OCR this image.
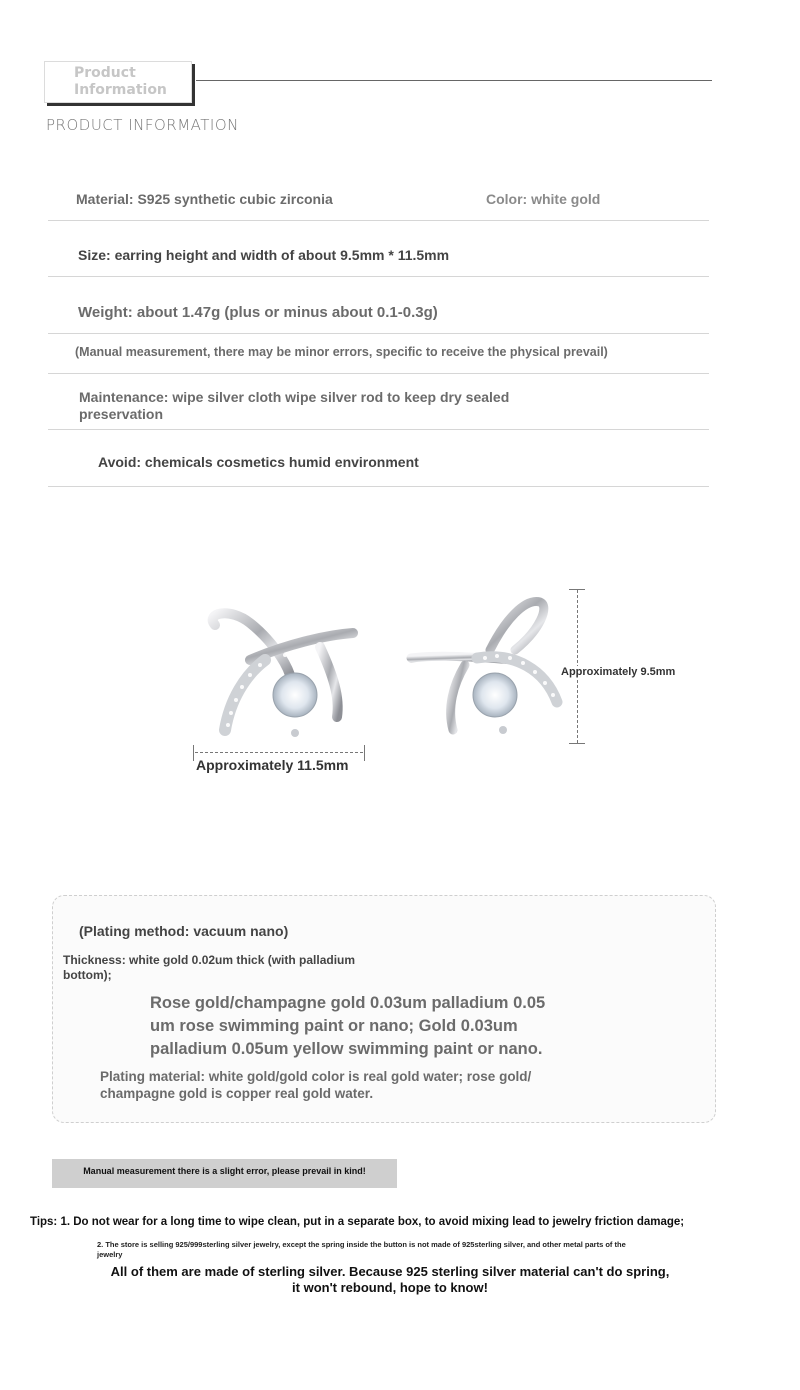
Product
Information
PRODUCT INFORMATION
Material: S925 synthetic cubic zirconia	Color: white gold
Size: earring height and width of about 9.5mm * 11.5mm
Weight: about 1.47g (plus or minus about 0.1-0.3g)
(Manual measurement, there may be minor errors, specific to receive the physical prevail)
Maintenance: wipe silver cloth wipe silver rod to keep dry sealed
preservation
Avoid: chemicals cosmetics humid environment
Approximately 11.5mm
Approximately 9.5mm
(Plating method: vacuum nano)
Thickness: white gold 0.02um thick (with palladium
bottom);
Rose gold/champagne gold 0.03um palladium 0.05
um rose swimming paint or nano; Gold 0.03um
palladium 0.05um yellow swimming paint or nano.
Plating material: white gold/gold color is real gold water; rose gold/
champagne gold is copper real gold water.
Manual measurement there is a slight error, please prevail in kind!
Tips: 1. Do not wear for a long time to wipe clean, put in a separate box, to avoid mixing lead to jewelry friction damage;
2. The store is selling 925/999sterling silver jewelry, except the spring inside the button is not made of 925sterling silver, and other metal parts of the
jewelry
All of them are made of sterling silver. Because 925 sterling silver material can't do spring,
it won't rebound, hope to know!
